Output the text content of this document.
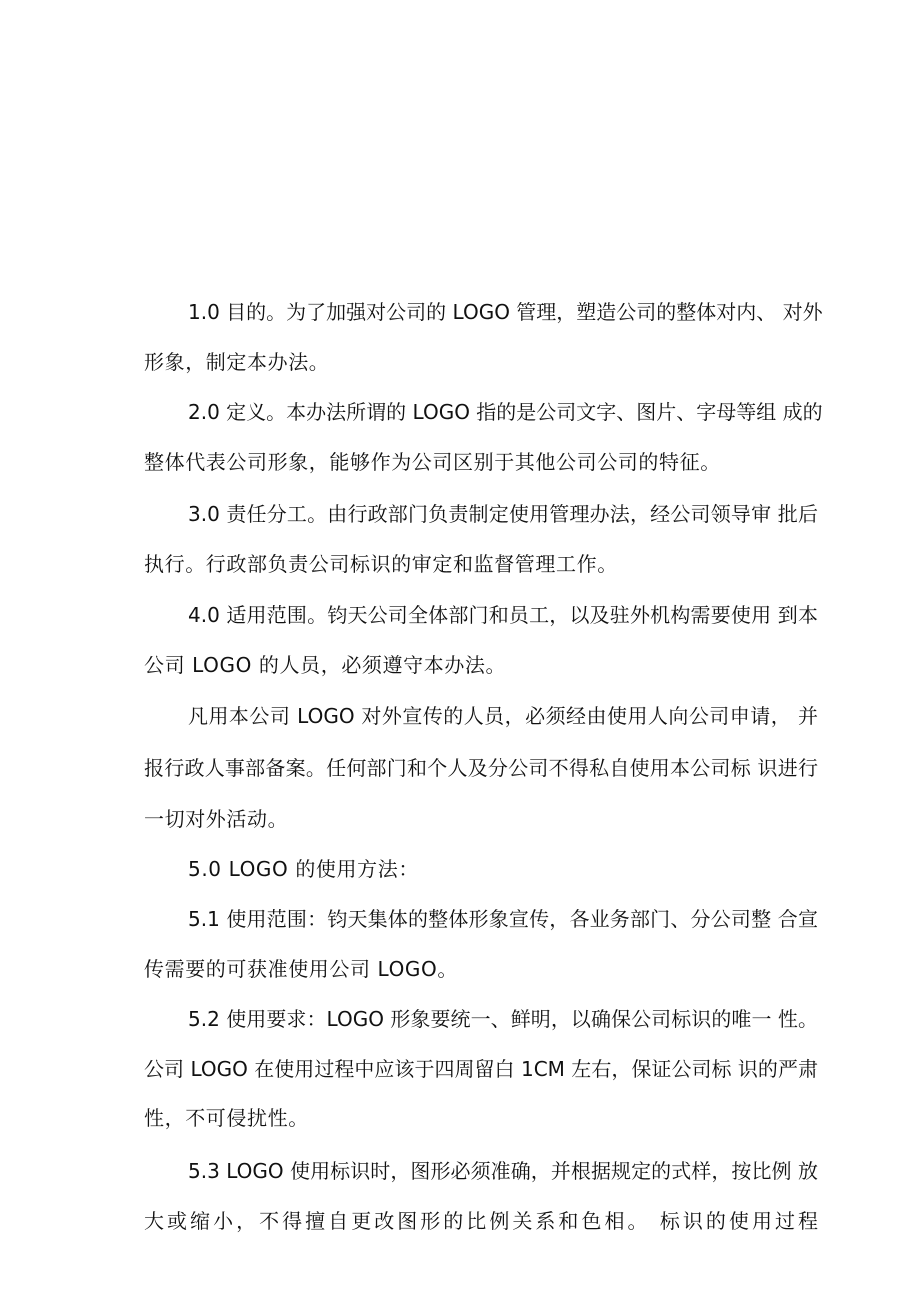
1.0 目的。为了加强对公司的 LOGO 管理，塑造公司的整体对内、 对外
形象，制定本办法。
2.0 定义。本办法所谓的 LOGO 指的是公司文字、图片、字母等组 成的
整体代表公司形象，能够作为公司区别于其他公司公司的特征。
3.0 责任分工。由行政部门负责制定使用管理办法，经公司领导审 批后
执行。行政部负责公司标识的审定和监督管理工作。
4.0 适用范围。钧天公司全体部门和员工，以及驻外机构需要使用 到本
公司 LOGO 的人员，必须遵守本办法。
凡用本公司 LOGO 对外宣传的人员，必须经由使用人向公司申请， 并
报行政人事部备案。任何部门和个人及分公司不得私自使用本公司标 识进行
一切对外活动。
5.0 LOGO 的使用方法：
5.1 使用范围：钧天集体的整体形象宣传，各业务部门、分公司整 合宣
传需要的可获准使用公司 LOGO。
5.2 使用要求：LOGO 形象要统一、鲜明，以确保公司标识的唯一 性。
公司 LOGO 在使用过程中应该于四周留白 1CM 左右，保证公司标 识的严肃
性，不可侵扰性。
5.3 LOGO 使用标识时，图形必须准确，并根据规定的式样，按比例 放
大或缩小，不得擅自更改图形的比例关系和色相。 标识的使用过程
